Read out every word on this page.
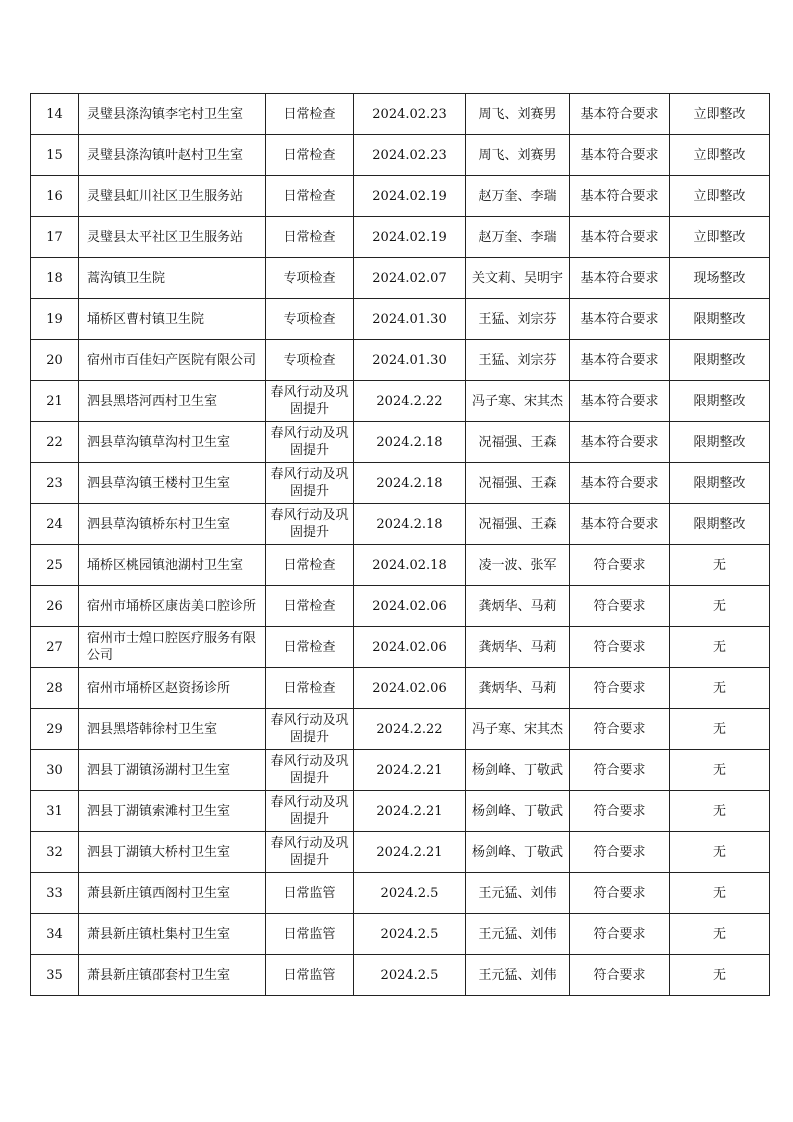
14	灵璧县涤沟镇李宅村卫生室	日常检查	2024.02.23	周飞、刘赛男	基本符合要求	立即整改
15	灵璧县涤沟镇叶赵村卫生室	日常检查	2024.02.23	周飞、刘赛男	基本符合要求	立即整改
16	灵璧县虹川社区卫生服务站	日常检查	2024.02.19	赵万奎、李瑞	基本符合要求	立即整改
17	灵璧县太平社区卫生服务站	日常检查	2024.02.19	赵万奎、李瑞	基本符合要求	立即整改
18	蒿沟镇卫生院	专项检查	2024.02.07	关文莉、吴明宇	基本符合要求	现场整改
19	埇桥区曹村镇卫生院	专项检查	2024.01.30	王猛、刘宗芬	基本符合要求	限期整改
20	宿州市百佳妇产医院有限公司	专项检查	2024.01.30	王猛、刘宗芬	基本符合要求	限期整改
21	泗县黑塔河西村卫生室	春风行动及巩固提升	2024.2.22	冯子寒、宋其杰	基本符合要求	限期整改
22	泗县草沟镇草沟村卫生室	春风行动及巩固提升	2024.2.18	况福强、王森	基本符合要求	限期整改
23	泗县草沟镇王楼村卫生室	春风行动及巩固提升	2024.2.18	况福强、王森	基本符合要求	限期整改
24	泗县草沟镇桥东村卫生室	春风行动及巩固提升	2024.2.18	况福强、王森	基本符合要求	限期整改
25	埇桥区桃园镇池湖村卫生室	日常检查	2024.02.18	凌一波、张军	符合要求	无
26	宿州市埇桥区康齿美口腔诊所	日常检查	2024.02.06	龚炳华、马莉	符合要求	无
27	宿州市士煌口腔医疗服务有限公司	日常检查	2024.02.06	龚炳华、马莉	符合要求	无
28	宿州市埇桥区赵资扬诊所	日常检查	2024.02.06	龚炳华、马莉	符合要求	无
29	泗县黑塔韩徐村卫生室	春风行动及巩固提升	2024.2.22	冯子寒、宋其杰	符合要求	无
30	泗县丁湖镇汤湖村卫生室	春风行动及巩固提升	2024.2.21	杨剑峰、丁敬武	符合要求	无
31	泗县丁湖镇索滩村卫生室	春风行动及巩固提升	2024.2.21	杨剑峰、丁敬武	符合要求	无
32	泗县丁湖镇大桥村卫生室	春风行动及巩固提升	2024.2.21	杨剑峰、丁敬武	符合要求	无
33	萧县新庄镇西阁村卫生室	日常监管	2024.2.5	王元猛、刘伟	符合要求	无
34	萧县新庄镇杜集村卫生室	日常监管	2024.2.5	王元猛、刘伟	符合要求	无
35	萧县新庄镇邵套村卫生室	日常监管	2024.2.5	王元猛、刘伟	符合要求	无
